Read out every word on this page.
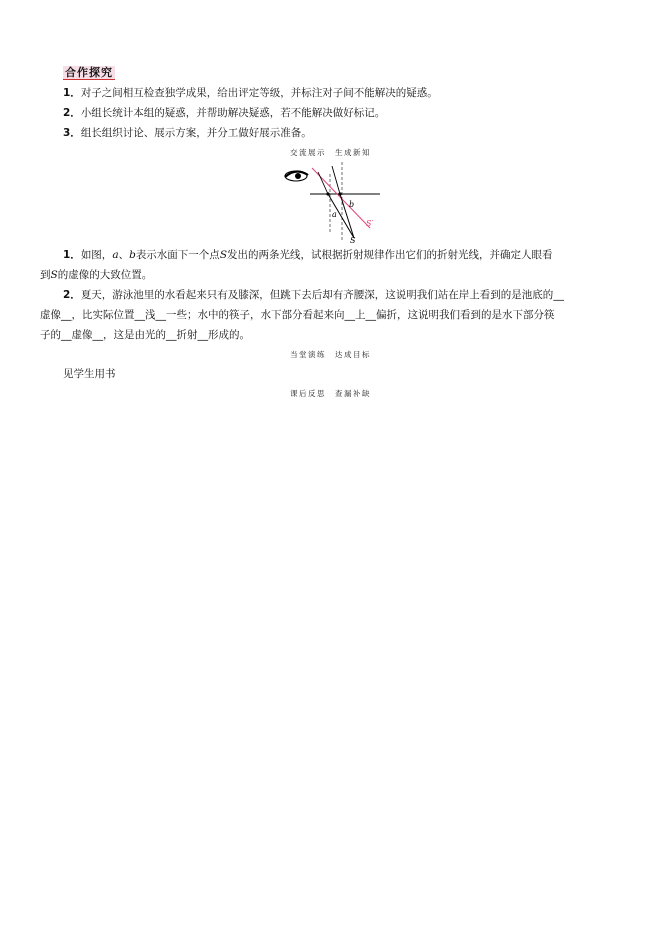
合作探究
1．对子之间相互检查独学成果，给出评定等级，并标注对子间不能解决的疑惑。
2．小组长统计本组的疑惑，并帮助解决疑惑，若不能解决做好标记。
3．组长组织讨论、展示方案，并分工做好展示准备。
交流展示　生成新知
a
b
S′
S
1．如图，a、b表示水面下一个点S发出的两条光线，试根据折射规律作出它们的折射光线，并确定人眼看
到S的虚像的大致位置。
2．夏天，游泳池里的水看起来只有及膝深，但跳下去后却有齐腰深，这说明我们站在岸上看到的是池底的__
虚像__，比实际位置__浅__一些；水中的筷子，水下部分看起来向__上__偏折，这说明我们看到的是水下部分筷
子的__虚像__，这是由光的__折射__形成的。
当堂演练　达成目标
见学生用书
课后反思　查漏补缺
